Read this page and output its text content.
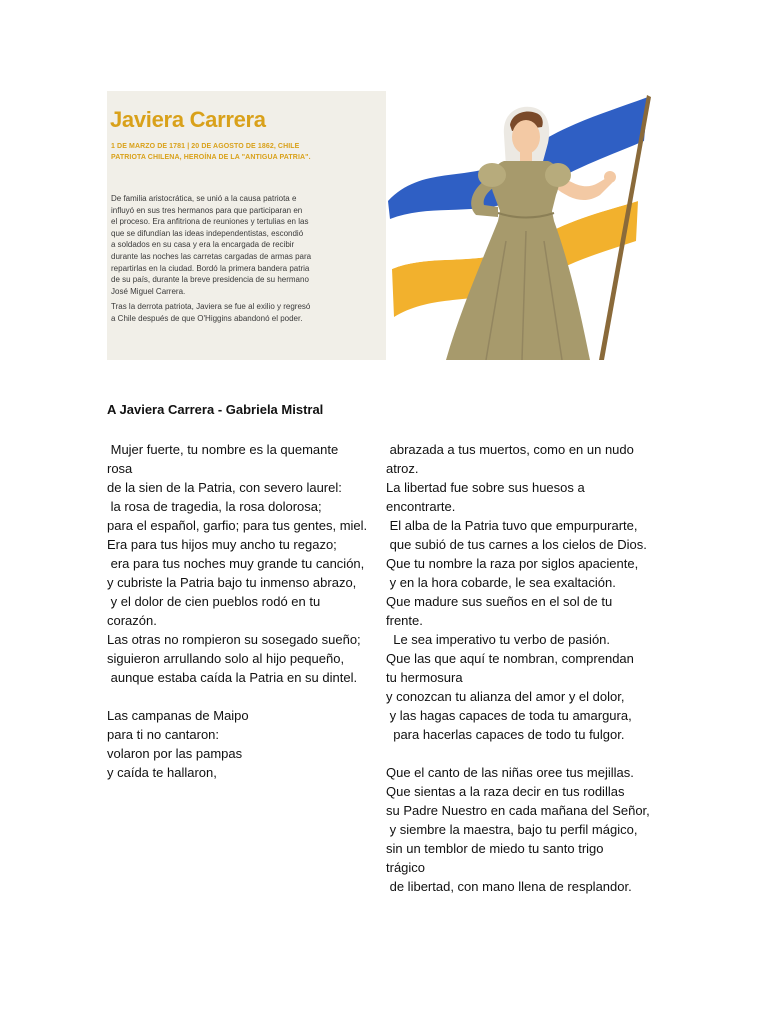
Javiera Carrera
1 DE MARZO DE 1781 | 20 DE AGOSTO DE 1862, CHILE
PATRIOTA CHILENA, HEROÍNA DE LA "ANTIGUA PATRIA".
De familia aristocrática, se unió a la causa patriota e
influyó en sus tres hermanos para que participaran en
el proceso. Era anfitriona de reuniones y tertulias en las
que se difundían las ideas independentistas, escondió
a soldados en su casa y era la encargada de recibir
durante las noches las carretas cargadas de armas para
repartirlas en la ciudad. Bordó la primera bandera patria
de su país, durante la breve presidencia de su hermano
José Miguel Carrera.
Tras la derrota patriota, Javiera se fue al exilio y regresó
a Chile después de que O'Higgins abandonó el poder.
A Javiera Carrera - Gabriela Mistral
Mujer fuerte, tu nombre es la quemante
rosa
de la sien de la Patria, con severo laurel:
la rosa de tragedia, la rosa dolorosa;
para el español, garfio; para tus gentes, miel.
Era para tus hijos muy ancho tu regazo;
era para tus noches muy grande tu canción,
y cubriste la Patria bajo tu inmenso abrazo,
y el dolor de cien pueblos rodó en tu
corazón.
Las otras no rompieron su sosegado sueño;
siguieron arrullando solo al hijo pequeño,
aunque estaba caída la Patria en su dintel.
Las campanas de Maipo
para ti no cantaron:
volaron por las pampas
y caída te hallaron,
abrazada a tus muertos, como en un nudo
atroz.
La libertad fue sobre sus huesos a
encontrarte.
El alba de la Patria tuvo que empurpurarte,
que subió de tus carnes a los cielos de Dios.
Que tu nombre la raza por siglos apaciente,
y en la hora cobarde, le sea exaltación.
Que madure sus sueños en el sol de tu
frente.
Le sea imperativo tu verbo de pasión.
Que las que aquí te nombran, comprendan
tu hermosura
y conozcan tu alianza del amor y el dolor,
y las hagas capaces de toda tu amargura,
para hacerlas capaces de todo tu fulgor.
Que el canto de las niñas oree tus mejillas.
Que sientas a la raza decir en tus rodillas
su Padre Nuestro en cada mañana del Señor,
y siembre la maestra, bajo tu perfil mágico,
sin un temblor de miedo tu santo trigo
trágico
de libertad, con mano llena de resplandor.
